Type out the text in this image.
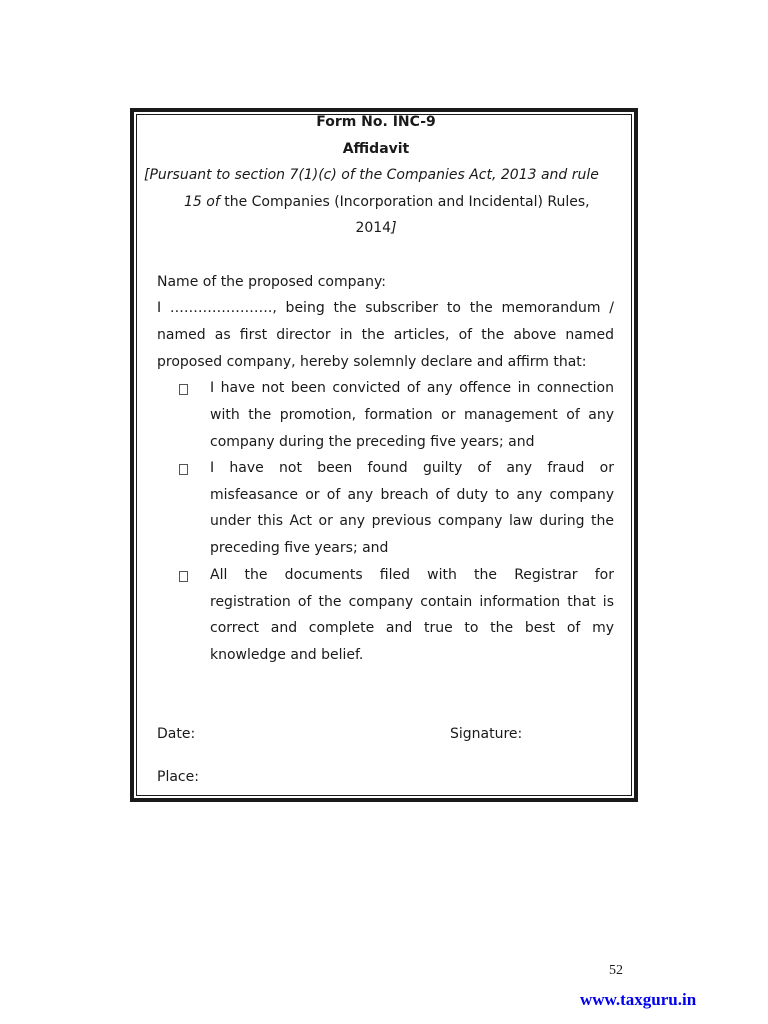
Form No. INC-9
Affidavit
[Pursuant to section 7(1)(c) of the Companies Act, 2013 and rule
15 of the Companies (Incorporation and Incidental) Rules,
2014]
Name of the proposed company:
I …………………., being the subscriber to the memorandum /
named as first director in the articles, of the above named
proposed company, hereby solemnly declare and affirm that:
I have not been convicted of any offence in connection
with the promotion, formation or management of any
company during the preceding five years; and
I have not been found guilty of any fraud or
misfeasance or of any breach of duty to any company
under this Act or any previous company law during the
preceding five years; and
All the documents filed with the Registrar for
registration of the company contain information that is
correct and complete and true to the best of my
knowledge and belief.
Date:	Signature:
Place:
52
www.taxguru.in
